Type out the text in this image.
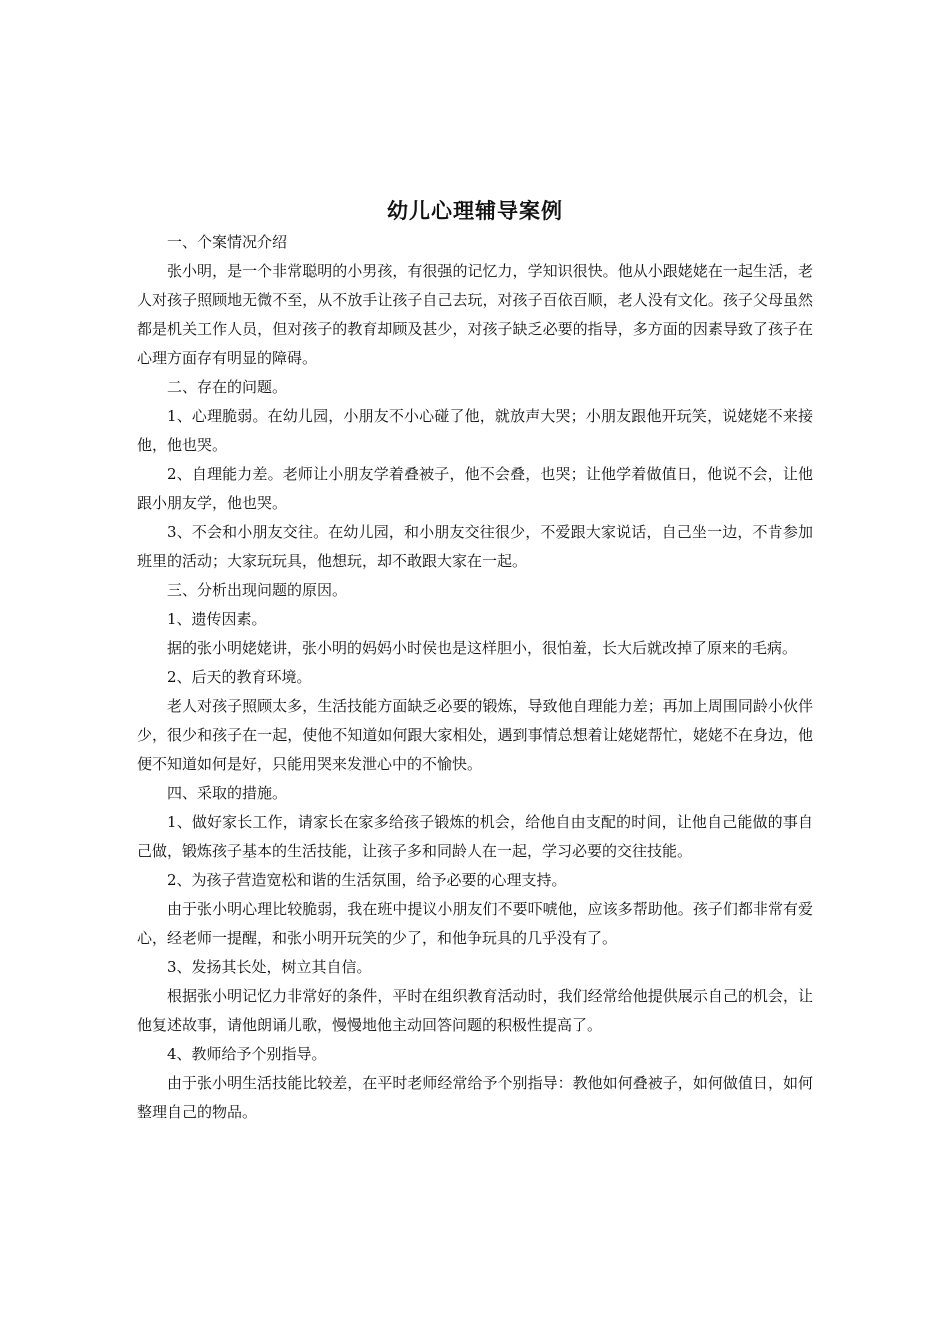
幼儿心理辅导案例

一、个案情况介绍

张小明，是一个非常聪明的小男孩，有很强的记忆力，学知识很快。他从小跟姥姥在一起生活，老人对孩子照顾地无微不至，从不放手让孩子自己去玩，对孩子百依百顺，老人没有文化。孩子父母虽然都是机关工作人员，但对孩子的教育却顾及甚少，对孩子缺乏必要的指导，多方面的因素导致了孩子在心理方面存有明显的障碍。

二、存在的问题。

1、心理脆弱。在幼儿园，小朋友不小心碰了他，就放声大哭；小朋友跟他开玩笑，说姥姥不来接他，他也哭。

2、自理能力差。老师让小朋友学着叠被子，他不会叠，也哭；让他学着做值日，他说不会，让他跟小朋友学，他也哭。

3、不会和小朋友交往。在幼儿园，和小朋友交往很少，不爱跟大家说话，自己坐一边，不肯参加班里的活动；大家玩玩具，他想玩，却不敢跟大家在一起。

三、分析出现问题的原因。

1、遗传因素。

据的张小明姥姥讲，张小明的妈妈小时侯也是这样胆小，很怕羞，长大后就改掉了原来的毛病。

2、后天的教育环境。

老人对孩子照顾太多，生活技能方面缺乏必要的锻炼，导致他自理能力差；再加上周围同龄小伙伴少，很少和孩子在一起，使他不知道如何跟大家相处，遇到事情总想着让姥姥帮忙，姥姥不在身边，他便不知道如何是好，只能用哭来发泄心中的不愉快。

四、采取的措施。

1、做好家长工作，请家长在家多给孩子锻炼的机会，给他自由支配的时间，让他自己能做的事自己做，锻炼孩子基本的生活技能，让孩子多和同龄人在一起，学习必要的交往技能。

2、为孩子营造宽松和谐的生活氛围，给予必要的心理支持。

由于张小明心理比较脆弱，我在班中提议小朋友们不要吓唬他，应该多帮助他。孩子们都非常有爱心，经老师一提醒，和张小明开玩笑的少了，和他争玩具的几乎没有了。

3、发扬其长处，树立其自信。

根据张小明记忆力非常好的条件，平时在组织教育活动时，我们经常给他提供展示自己的机会，让他复述故事，请他朗诵儿歌，慢慢地他主动回答问题的积极性提高了。

4、教师给予个别指导。

由于张小明生活技能比较差，在平时老师经常给予个别指导：教他如何叠被子，如何做值日，如何整理自己的物品。
